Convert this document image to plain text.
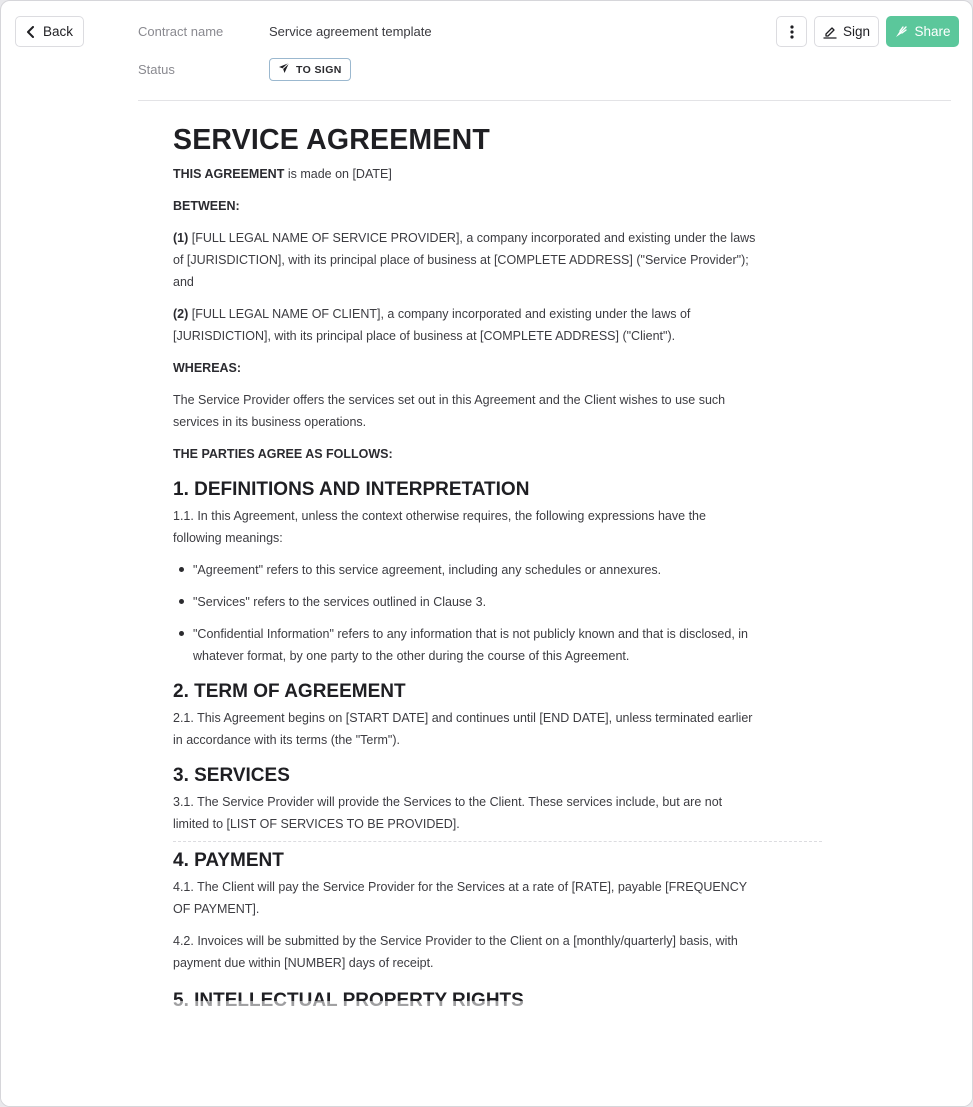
Back	Contract name	Service agreement template
Status	TO SIGN
Sign	Share
SERVICE AGREEMENT

THIS AGREEMENT is made on [DATE]

BETWEEN:

(1) [FULL LEGAL NAME OF SERVICE PROVIDER], a company incorporated and existing under the laws of [JURISDICTION], with its principal place of business at [COMPLETE ADDRESS] ("Service Provider"); and

(2) [FULL LEGAL NAME OF CLIENT], a company incorporated and existing under the laws of [JURISDICTION], with its principal place of business at [COMPLETE ADDRESS] ("Client").

WHEREAS:

The Service Provider offers the services set out in this Agreement and the Client wishes to use such services in its business operations.

THE PARTIES AGREE AS FOLLOWS:

1. DEFINITIONS AND INTERPRETATION

1.1. In this Agreement, unless the context otherwise requires, the following expressions have the following meanings:

"Agreement" refers to this service agreement, including any schedules or annexures.
"Services" refers to the services outlined in Clause 3.
"Confidential Information" refers to any information that is not publicly known and that is disclosed, in whatever format, by one party to the other during the course of this Agreement.
2. TERM OF AGREEMENT

2.1. This Agreement begins on [START DATE] and continues until [END DATE], unless terminated earlier in accordance with its terms (the "Term").

3. SERVICES

3.1. The Service Provider will provide the Services to the Client. These services include, but are not limited to [LIST OF SERVICES TO BE PROVIDED].

4. PAYMENT

4.1. The Client will pay the Service Provider for the Services at a rate of [RATE], payable [FREQUENCY OF PAYMENT].

4.2. Invoices will be submitted by the Service Provider to the Client on a [monthly/quarterly] basis, with payment due within [NUMBER] days of receipt.
